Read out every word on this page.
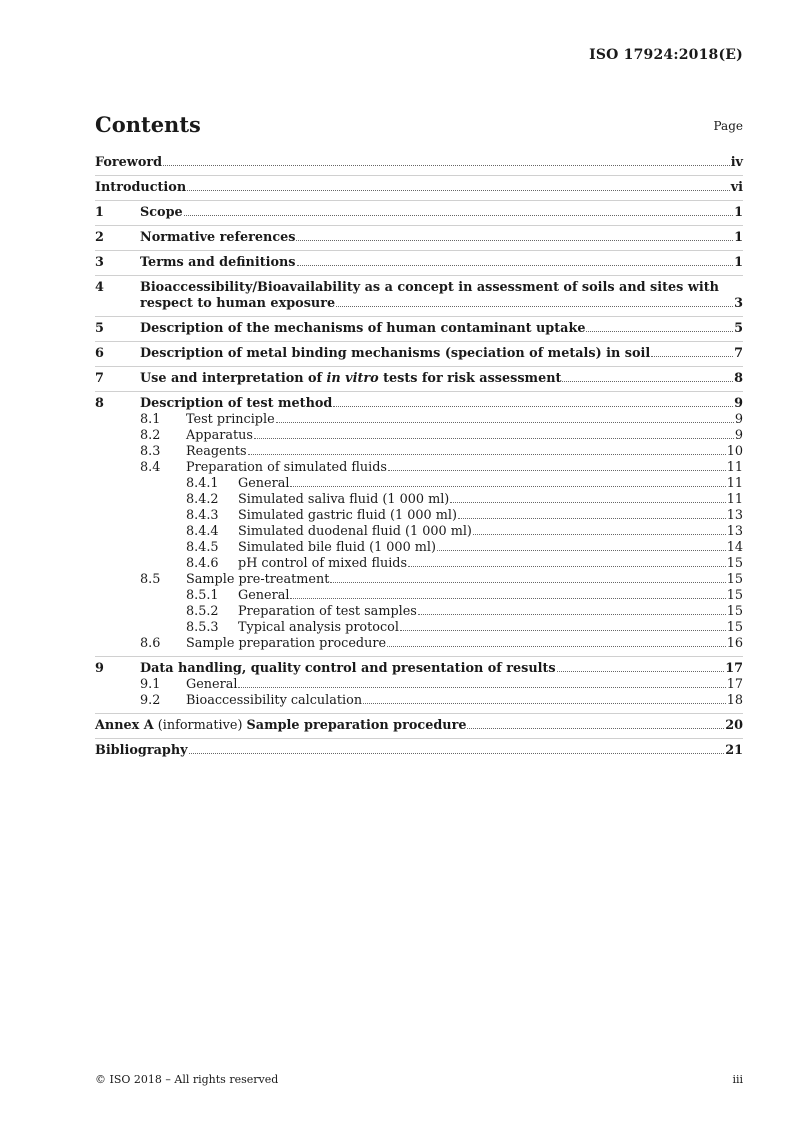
ISO 17924:2018(E)
Contents	Page
Foreword	iv
Introduction	vi
1	Scope	1
2	Normative references	1
3	Terms and definitions	1
4	Bioaccessibility/Bioavailability as a concept in assessment of soils and sites with
respect to human exposure	3
5	Description of the mechanisms of human contaminant uptake	5
6	Description of metal binding mechanisms (speciation of metals) in soil	7
7	Use and interpretation of in vitro tests for risk assessment	8
8	Description of test method	9
8.1	Test principle	9
8.2	Apparatus	9
8.3	Reagents	10
8.4	Preparation of simulated fluids	11
8.4.1	General	11
8.4.2	Simulated saliva fluid (1 000 ml)	11
8.4.3	Simulated gastric fluid (1 000 ml)	13
8.4.4	Simulated duodenal fluid (1 000 ml)	13
8.4.5	Simulated bile fluid (1 000 ml)	14
8.4.6	pH control of mixed fluids	15
8.5	Sample pre-treatment	15
8.5.1	General	15
8.5.2	Preparation of test samples	15
8.5.3	Typical analysis protocol	15
8.6	Sample preparation procedure	16
9	Data handling, quality control and presentation of results	17
9.1	General	17
9.2	Bioaccessibility calculation	18
Annex A (informative) Sample preparation procedure	20
Bibliography	21
© ISO 2018 – All rights reserved	iii
